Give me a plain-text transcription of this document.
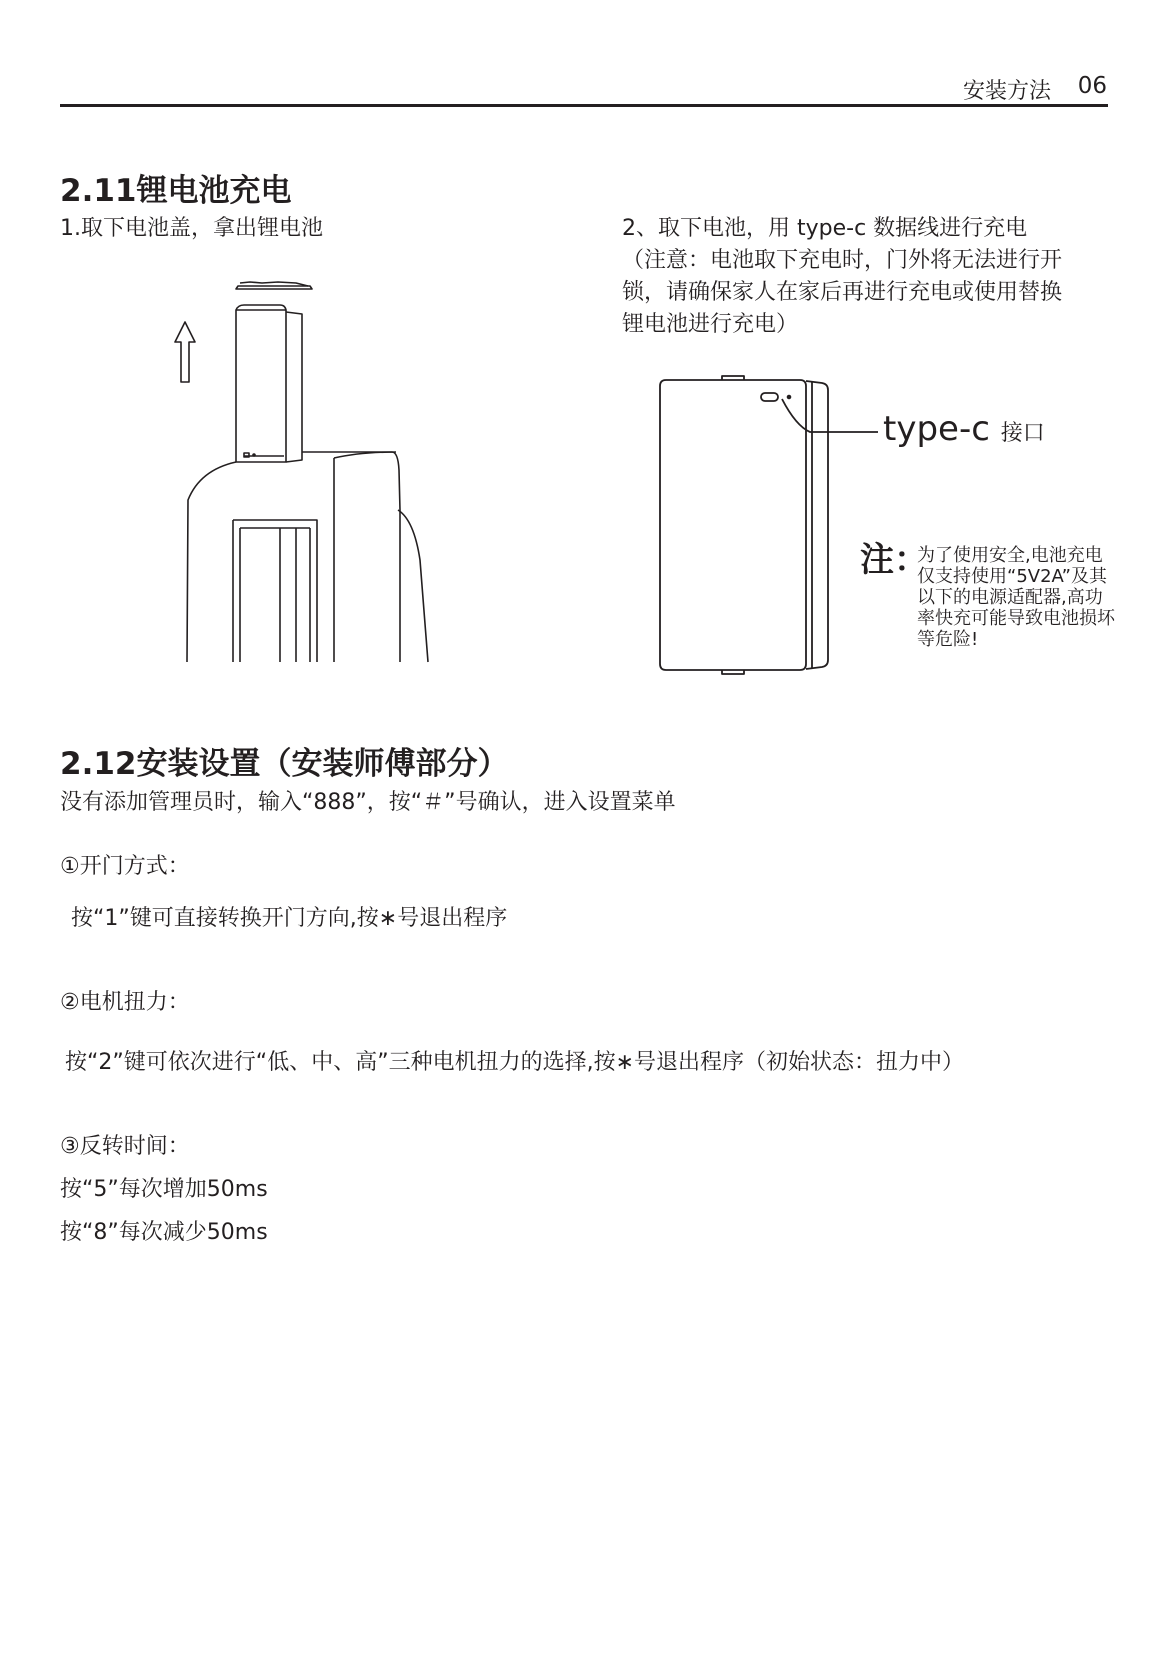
安装方法 06
2.11锂电池充电
1.取下电池盖，拿出锂电池	2、取下电池，用 type-c 数据线进行充电
（注意：电池取下充电时，门外将无法进行开
锁，请确保家人在家后再进行充电或使用替换
锂电池进行充电）
type-c 接口
注：
为了使用安全,电池充电
仅支持使用“5V2A”及其
以下的电源适配器,高功
率快充可能导致电池损坏
等危险!
2.12安装设置（安装师傅部分）
没有添加管理员时，输入“888”，按“＃”号确认，进入设置菜单
①开门方式：
按“1”键可直接转换开门方向,按∗号退出程序
②电机扭力：
按“2”键可依次进行“低、中、高”三种电机扭力的选择,按∗号退出程序（初始状态：扭力中）
③反转时间：
按“5”每次增加50ms
按“8”每次减少50ms
